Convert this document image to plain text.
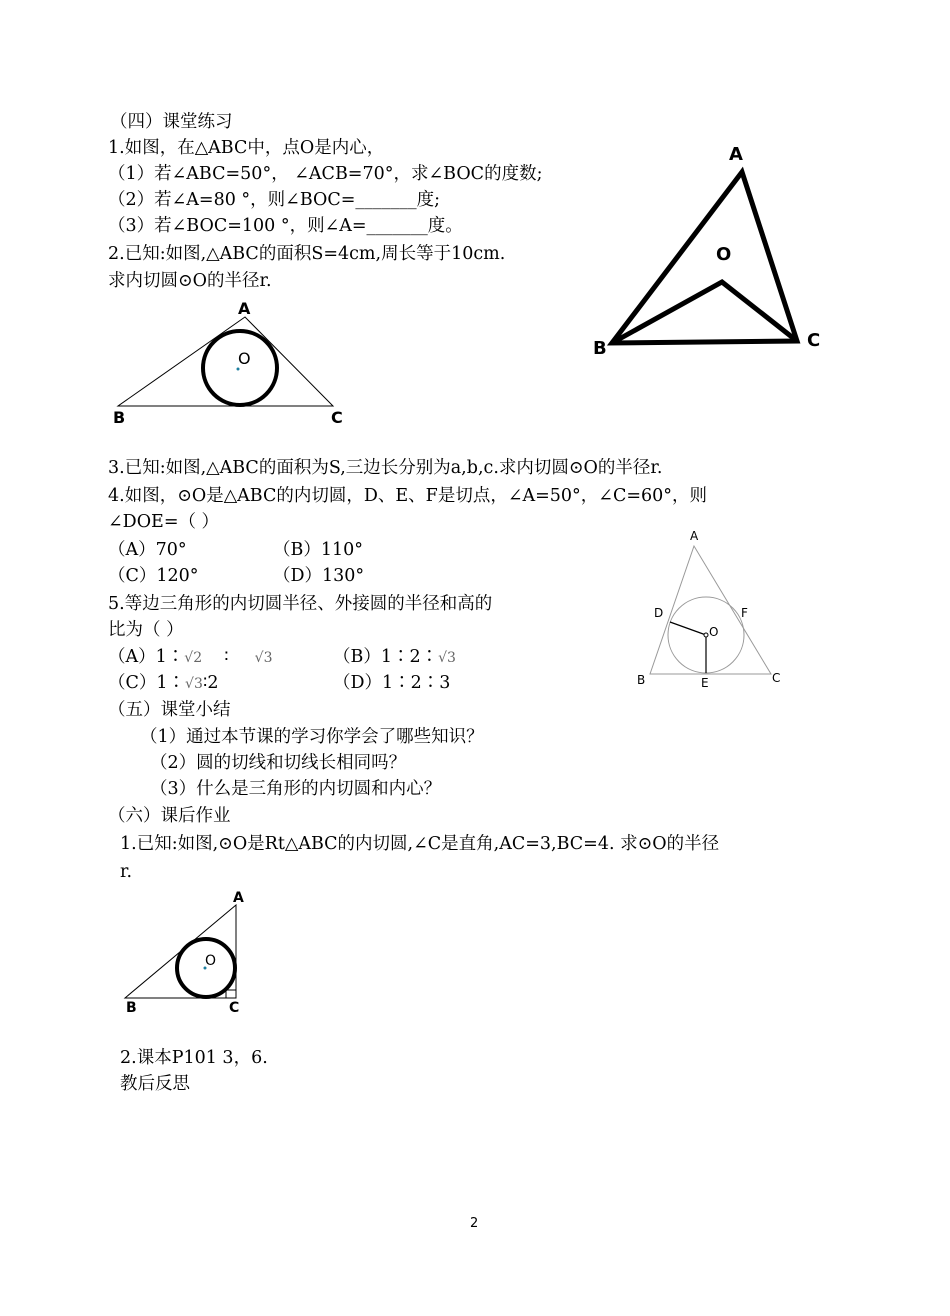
（四）课堂练习
1.如图，在△ABC中，点O是内心，
（1）若∠ABC=50°， ∠ACB=70°，求∠BOC的度数;
（2）若∠A=80 °，则∠BOC=_______度;
（3）若∠BOC=100 °，则∠A=_______度。
2.已知:如图,△ABC的面积S=4cm,周长等于10cm.
求内切圆⊙O的半径r.
3.已知:如图,△ABC的面积为S,三边长分别为a,b,c.求内切圆⊙O的半径r.
4.如图，⊙O是△ABC的内切圆，D、E、F是切点，∠A=50°，∠C=60°，则
∠DOE=（ ）
（A）70°	（B）110°
（C）120°	（D）130°
5.等边三角形的内切圆半径、外接圆的半径和高的
比为（ ）
（A）1∶√2 ∶ √3	（B）1∶2∶√3
（C）1∶√3∶2	（D）1∶2∶3
（五）课堂小结
（1）通过本节课的学习你学会了哪些知识？
（2）圆的切线和切线长相同吗？
（3）什么是三角形的内切圆和内心？
（六）课后作业
1.已知:如图,⊙O是Rt△ABC的内切圆,∠C是直角,AC=3,BC=4. 求⊙O的半径
r.
2.课本P101 3，6.
教后反思
2
A
O
B	C
A
O
B	C
A
D	F
O
B	E	C
A
O
B	C
